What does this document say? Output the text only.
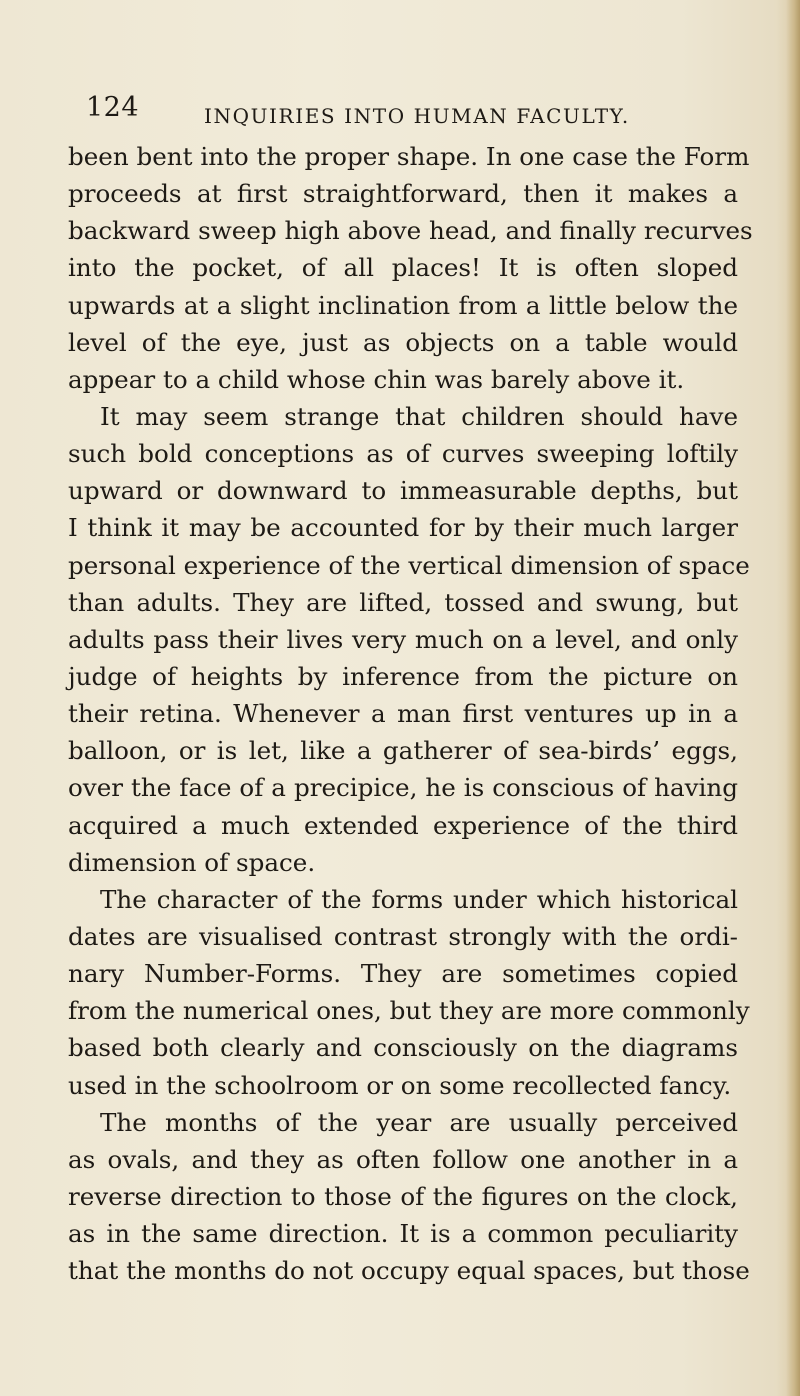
124	INQUIRIES INTO HUMAN FACULTY.
been bent into the proper shape. In one case the Form
proceeds at first straightforward, then it makes a
backward sweep high above head, and finally recurves
into the pocket, of all places! It is often sloped
upwards at a slight inclination from a little below the
level of the eye, just as objects on a table would
appear to a child whose chin was barely above it.
It may seem strange that children should have
such bold conceptions as of curves sweeping loftily
upward or downward to immeasurable depths, but
I think it may be accounted for by their much larger
personal experience of the vertical dimension of space
than adults. They are lifted, tossed and swung, but
adults pass their lives very much on a level, and only
judge of heights by inference from the picture on
their retina. Whenever a man first ventures up in a
balloon, or is let, like a gatherer of sea-birds’ eggs,
over the face of a precipice, he is conscious of having
acquired a much extended experience of the third
dimension of space.
The character of the forms under which historical
dates are visualised contrast strongly with the ordi-
nary Number-Forms. They are sometimes copied
from the numerical ones, but they are more commonly
based both clearly and consciously on the diagrams
used in the schoolroom or on some recollected fancy.
The months of the year are usually perceived
as ovals, and they as often follow one another in a
reverse direction to those of the figures on the clock,
as in the same direction. It is a common peculiarity
that the months do not occupy equal spaces, but those
